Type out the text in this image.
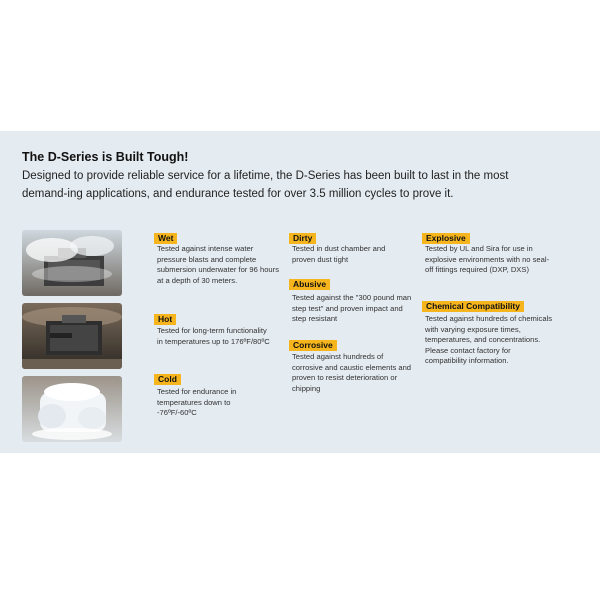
The D-Series is Built Tough!

Designed to provide reliable service for a lifetime, the D-Series has been built to last in the most demand-ing applications, and endurance tested for over 3.5 million cycles to prove it.

Wet

Tested against intense water pressure blasts and complete submersion underwater for 96 hours at a depth of 30 meters.

Hot

Tested for long-term functionality in temperatures up to 176ºF/80ºC

Cold

Tested for endurance in temperatures down to -76ºF/-60ºC

Dirty

Tested in dust chamber and proven dust tight

Abusive

Tested against the "300 pound man step test" and proven impact and step resistant

Corrosive

Tested against hundreds of corrosive and caustic elements and proven to resist deterioration or chipping

Explosive

Tested by UL and Sira for use in explosive environments with no seal-off fittings required (DXP, DXS)

Chemical Compatibility

Tested against hundreds of chemicals with varying exposure times, temperatures, and concentrations. Please contact factory for compatibility information.
